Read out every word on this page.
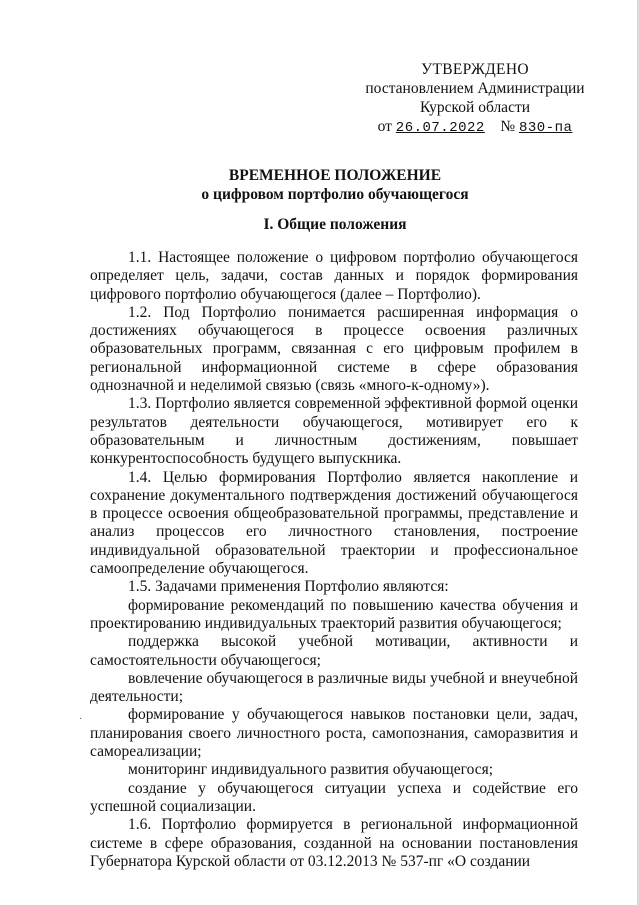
УТВЕРЖДЕНО
постановлением Администрации
Курской области
от 26.07.2022 № 830-па
ВРЕМЕННОЕ ПОЛОЖЕНИЕ
о цифровом портфолио обучающегося
I. Общие положения

1.1. Настоящее положение о цифровом портфолио обучающегося определяет цель, задачи, состав данных и порядок формирования цифрового портфолио обучающегося (далее – Портфолио).

1.2. Под Портфолио понимается расширенная информация о достижениях обучающегося в процессе освоения различных образовательных программ, связанная с его цифровым профилем в региональной информационной системе в сфере образования однозначной и неделимой связью (связь «много-к-одному»).

1.3. Портфолио является современной эффективной формой оценки результатов деятельности обучающегося, мотивирует его к образовательным и личностным достижениям, повышает конкурентоспособность будущего выпускника.

1.4. Целью формирования Портфолио является накопление и сохранение документального подтверждения достижений обучающегося в процессе освоения общеобразовательной программы, представление и анализ процессов его личностного становления, построение индивидуальной образовательной траектории и профессиональное самоопределение обучающегося.

1.5. Задачами применения Портфолио являются:

формирование рекомендаций по повышению качества обучения и проектированию индивидуальных траекторий развития обучающегося;

поддержка высокой учебной мотивации, активности и самостоятельности обучающегося;

вовлечение обучающегося в различные виды учебной и внеучебной деятельности;

формирование у обучающегося навыков постановки цели, задач, планирования своего личностного роста, самопознания, саморазвития и самореализации;

мониторинг индивидуального развития обучающегося;

создание у обучающегося ситуации успеха и содействие его успешной социализации.

1.6. Портфолио формируется в региональной информационной системе в сфере образования, созданной на основании постановления Губернатора Курской области от 03.12.2013 № 537-пг «О создании

·
